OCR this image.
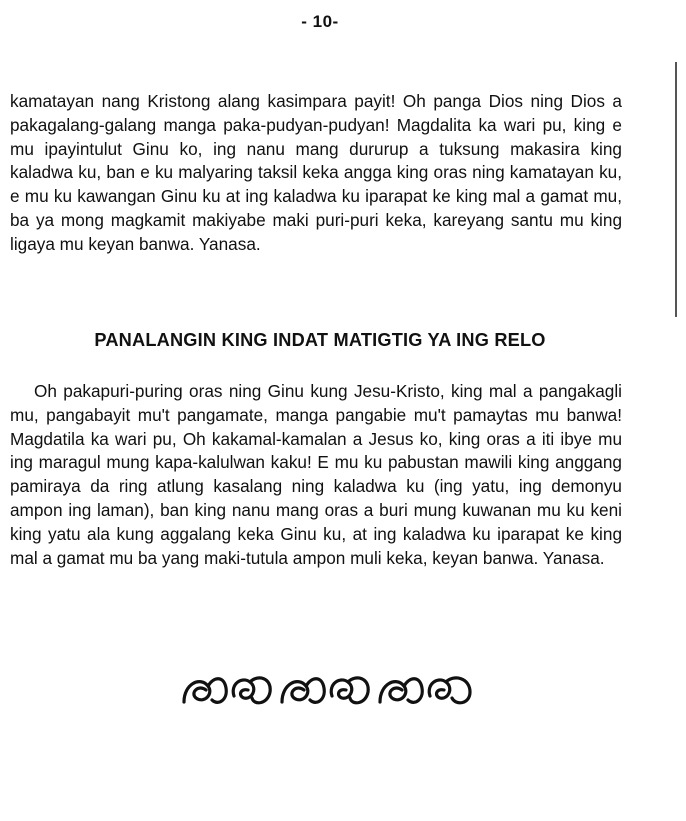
- 10-

kamatayan nang Kristong alang kasimpara payit! Oh panga Dios ning Dios a pakagalang-galang manga paka-pudyan-pudyan! Magdalita ka wari pu, king e mu ipayintulut Ginu ko, ing nanu mang dururup a tuksung makasira king kaladwa ku, ban e ku malyaring taksil keka angga king oras ning kamatayan ku, e mu ku kawangan Ginu ku at ing kaladwa ku iparapat ke king mal a gamat mu, ba ya mong magkamit makiyabe maki puri-puri keka, kareyang santu mu king ligaya mu keyan banwa. Yanasa.

PANALANGIN KING INDAT MATIGTIG YA ING RELO

Oh pakapuri-puring oras ning Ginu kung Jesu-Kristo, king mal a pangakagli mu, pangabayit mu't pangamate, manga pangabie mu't pamaytas mu banwa! Magdatila ka wari pu, Oh kakamal-kamalan a Jesus ko, king oras a iti ibye mu ing maragul mung kapa-kalulwan kaku! E mu ku pabustan mawili king anggang pamiraya da ring atlung kasalang ning kaladwa ku (ing yatu, ing demonyu ampon ing laman), ban king nanu mang oras a buri mung kuwanan mu ku keni king yatu ala kung aggalang keka Ginu ku, at ing kaladwa ku iparapat ke king mal a gamat mu ba yang maki-tutula ampon muli keka, keyan banwa. Yanasa.
